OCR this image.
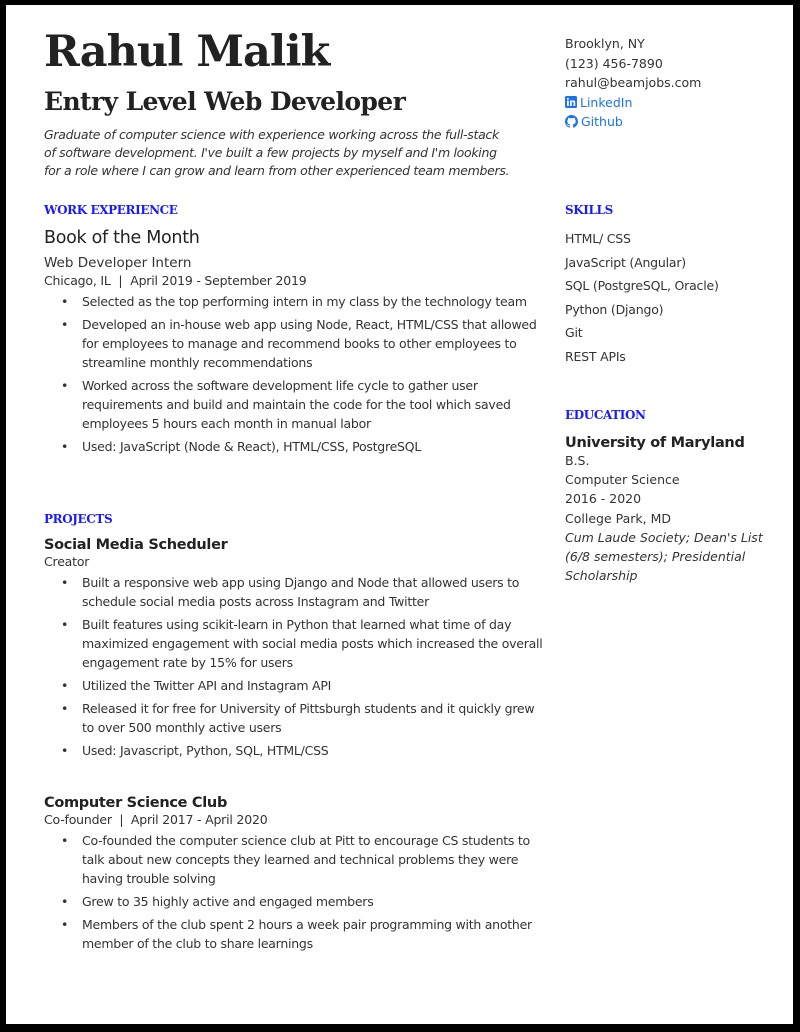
Rahul Malik
Entry Level Web Developer
Graduate of computer science with experience working across the full-stack of software development. I've built a few projects by myself and I'm looking for a role where I can grow and learn from other experienced team members.
Brooklyn, NY
(123) 456-7890
rahul@beamjobs.com
LinkedIn
Github
WORK EXPERIENCE
Book of the Month
Web Developer Intern
Chicago, IL | April 2019 - September 2019
• Selected as the top performing intern in my class by the technology team
• Developed an in-house web app using Node, React, HTML/CSS that allowed for employees to manage and recommend books to other employees to streamline monthly recommendations
• Worked across the software development life cycle to gather user requirements and build and maintain the code for the tool which saved employees 5 hours each month in manual labor
• Used: JavaScript (Node & React), HTML/CSS, PostgreSQL
PROJECTS
Social Media Scheduler
Creator
• Built a responsive web app using Django and Node that allowed users to schedule social media posts across Instagram and Twitter
• Built features using scikit-learn in Python that learned what time of day maximized engagement with social media posts which increased the overall engagement rate by 15% for users
• Utilized the Twitter API and Instagram API
• Released it for free for University of Pittsburgh students and it quickly grew to over 500 monthly active users
• Used: Javascript, Python, SQL, HTML/CSS
Computer Science Club
Co-founder  |  April 2017 - April 2020
• Co-founded the computer science club at Pitt to encourage CS students to talk about new concepts they learned and technical problems they were having trouble solving
• Grew to 35 highly active and engaged members
• Members of the club spent 2 hours a week pair programming with another member of the club to share learnings
SKILLS
HTML/ CSS
JavaScript (Angular)
SQL (PostgreSQL, Oracle)
Python (Django)
Git
REST APIs
EDUCATION
University of Maryland
B.S.
Computer Science
2016 - 2020
College Park, MD
Cum Laude Society; Dean's List (6/8 semesters); Presidential Scholarship
